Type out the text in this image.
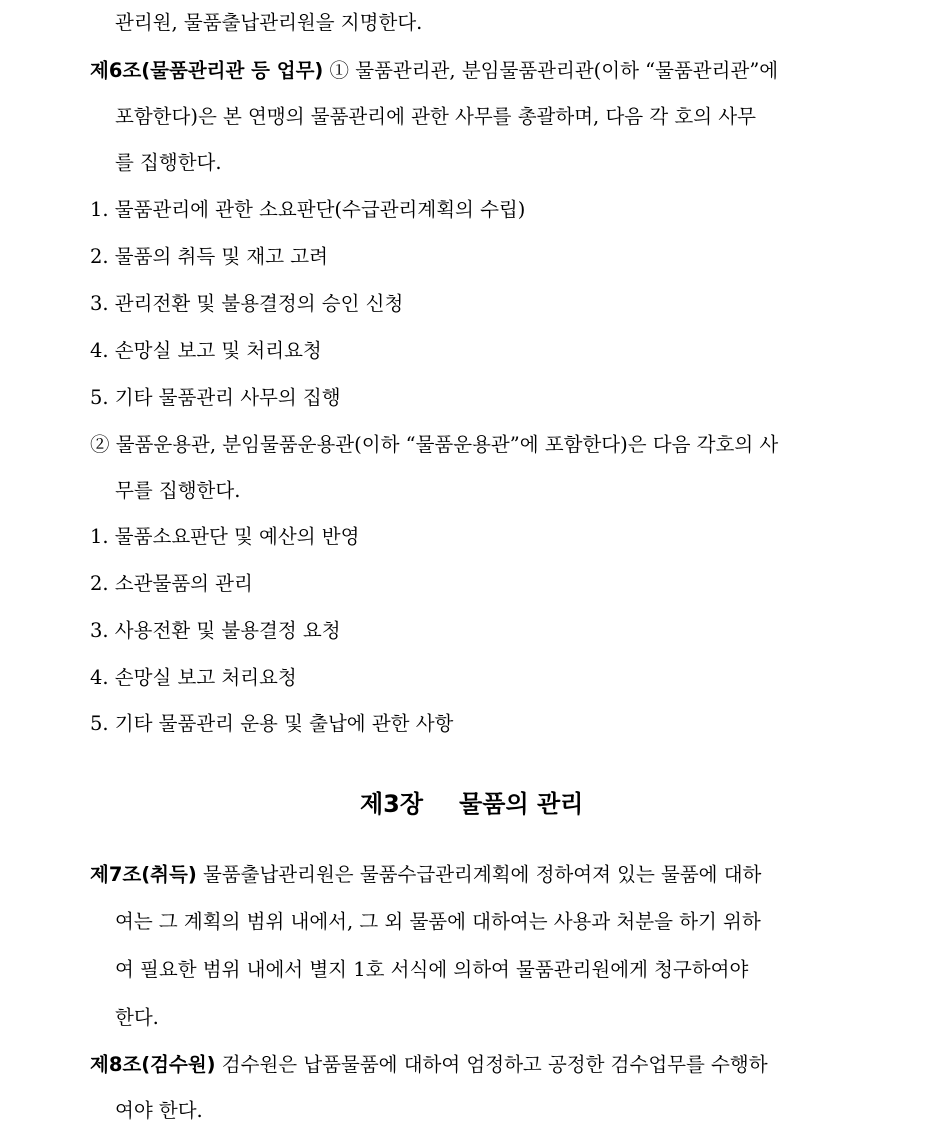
관리원, 물품출납관리원을 지명한다.
제6조(물품관리관 등 업무) ① 물품관리관, 분임물품관리관(이하 “물품관리관”에
포함한다)은 본 연맹의 물품관리에 관한 사무를 총괄하며, 다음 각 호의 사무
를 집행한다.
1. 물품관리에 관한 소요판단(수급관리계획의 수립)
2. 물품의 취득 및 재고 고려
3. 관리전환 및 불용결정의 승인 신청
4. 손망실 보고 및 처리요청
5. 기타 물품관리 사무의 집행
② 물품운용관, 분임물품운용관(이하 “물품운용관”에 포함한다)은 다음 각호의 사
무를 집행한다.
1. 물품소요판단 및 예산의 반영
2. 소관물품의 관리
3. 사용전환 및 불용결정 요청
4. 손망실 보고 처리요청
5. 기타 물품관리 운용 및 출납에 관한 사항
제3장 물품의 관리
제7조(취득) 물품출납관리원은 물품수급관리계획에 정하여져 있는 물품에 대하
여는 그 계획의 범위 내에서, 그 외 물품에 대하여는 사용과 처분을 하기 위하
여 필요한 범위 내에서 별지 1호 서식에 의하여 물품관리원에게 청구하여야
한다.
제8조(검수원) 검수원은 납품물품에 대하여 엄정하고 공정한 검수업무를 수행하
여야 한다.
